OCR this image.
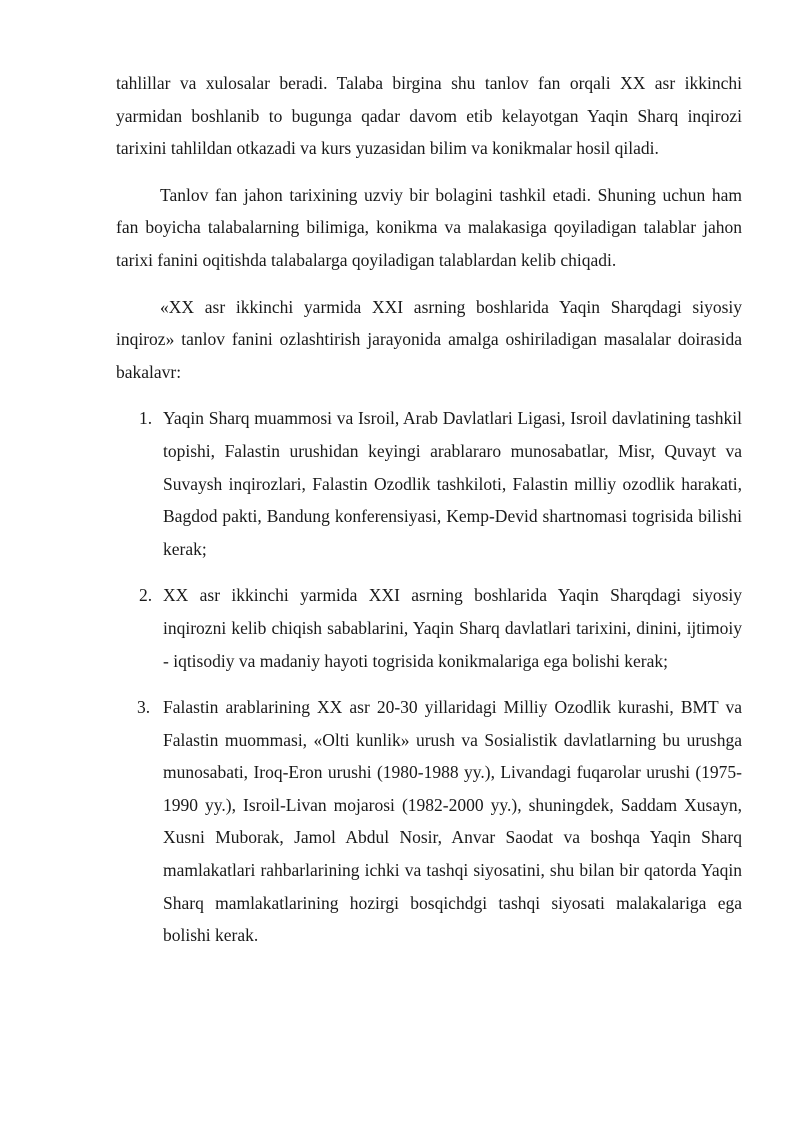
tahlillar va xulosalar beradi. Talaba birgina shu tanlov fan orqali XX asr ikkinchi yarmidan boshlanib to bugunga qadar davom etib kelayotgan Yaqin Sharq inqirozi tarixini tahlildan otkazadi va kurs yuzasidan bilim va konikmalar hosil qiladi.

Tanlov fan jahon tarixining uzviy bir bolagini tashkil etadi. Shuning uchun ham fan boyicha talabalarning bilimiga, konikma va malakasiga qoyiladigan talablar jahon tarixi fanini oqitishda talabalarga qoyiladigan talablardan kelib chiqadi.

«XX asr ikkinchi yarmida XXI asrning boshlarida Yaqin Sharqdagi siyosiy inqiroz» tanlov fanini ozlashtirish jarayonida amalga oshiriladigan masalalar doirasida bakalavr:

1. Yaqin Sharq muammosi va Isroil, Arab Davlatlari Ligasi, Isroil davlatining tashkil topishi, Falastin urushidan keyingi arablararo munosabatlar, Misr, Quvayt va Suvaysh inqirozlari, Falastin Ozodlik tashkiloti, Falastin milliy ozodlik harakati, Bagdod pakti, Bandung konferensiyasi, Kemp-Devid shartnomasi togrisida bilishi kerak;
2. XX asr ikkinchi yarmida XXI asrning boshlarida Yaqin Sharqdagi siyosiy inqirozni kelib chiqish sabablarini, Yaqin Sharq davlatlari tarixini, dinini, ijtimoiy - iqtisodiy va madaniy hayoti togrisida konikmalariga ega bolishi kerak;
3. Falastin arablarining XX asr 20-30 yillaridagi Milliy Ozodlik kurashi, BMT va Falastin muommasi, «Olti kunlik» urush va Sosialistik davlatlarning bu urushga munosabati, Iroq-Eron urushi (1980-1988 yy.), Livandagi fuqarolar urushi (1975-1990 yy.), Isroil-Livan mojarosi (1982-2000 yy.), shuningdek, Saddam Xusayn, Xusni Muborak, Jamol Abdul Nosir, Anvar Saodat va boshqa Yaqin Sharq mamlakatlari rahbarlarining ichki va tashqi siyosatini, shu bilan bir qatorda Yaqin Sharq mamlakatlarining hozirgi bosqichdgi tashqi siyosati malakalariga ega bolishi kerak.
